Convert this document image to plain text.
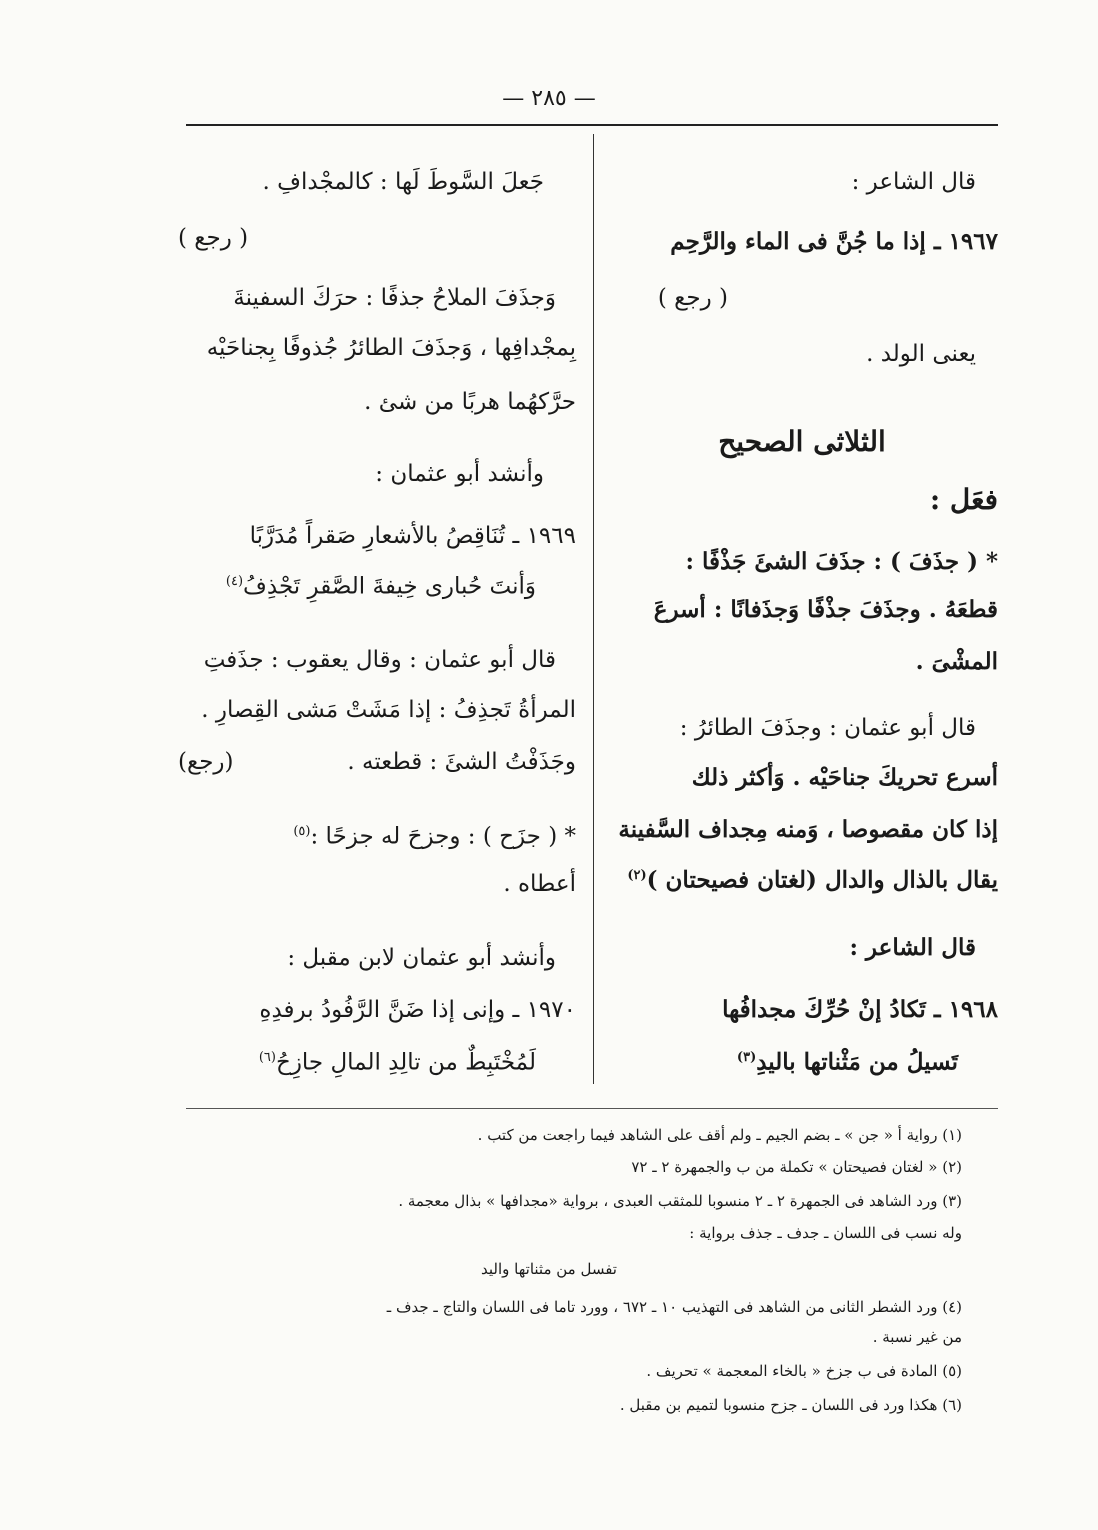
— ٢٨٥ —
قال الشاعر :
١٩٦٧ ـ إذا ما جُنَّ فى الماء والرَّحِم
( رجع )
يعنى الولد .
الثلاثى الصحيح
فعَل :
* ( جذَفَ ) : جذَفَ الشئَ جَذْفًا :
قطعَهُ . وجذَفَ جذْفًا وَجذَفانًا : أسرعَ
المشْىَ .
قال أبو عثمان : وجذَفَ الطائرُ :
أسرع تحريكَ جناحَيْه . وَأكثر ذلك
إذا كان مقصوصا ، وَمنه مِجداف السَّفينة
يقال بالذال والدال (لغتان فصيحتان )$^{(٢)}$
قال الشاعر :
١٩٦٨ ـ تَكادُ إنْ حُرِّكَ مجدافُها
تَسيلُ من مَثْناتها باليدِ$^{(٣)}$
جَعلَ السَّوطَ لَها : كالمجْدافِ .
( رجع )
وَجذَفَ الملاحُ جذفًا : حرَكَ السفينةَ
بِمجْدافِها ، وَجذَفَ الطائرُ جُذوفًا بِجناحَيْه
حرَّكهُما هربًا من شئ .
وأنشد أبو عثمان :
١٩٦٩ ـ تُنَاقِصُ بالأشعارِ صَقراً مُدَرَّبًا
وَأنتَ حُبارى خِيفةَ الصَّقرِ تَجْذِفُ$^{(٤)}$
قال أبو عثمان : وقال يعقوب : جذَفتِ
المرأةُ تَجذِفُ : إذا مَشَتْ مَشى القِصارِ .
وجَذَفْتُ الشئَ : قطعته .
(رجع)
* ( جزَح ) : وجزحَ له جزحًا :$^{(٥)}$
أعطاه .
وأنشد أبو عثمان لابن مقبل :
١٩٧٠ ـ وإنى إذا ضَنَّ الرَّفُودُ برفدِهِ
لَمُخْتَبِطٌ من تالِدِ المالِ جازِحُ$^{(٦)}$
(١) رواية أ « جن » ـ بضم الجيم ـ ولم أقف على الشاهد فيما راجعت من كتب .
(٢) « لغتان فصيحتان » تكملة من ب والجمهرة ٢ ـ ٧٢
(٣) ورد الشاهد فى الجمهرة ٢ ـ ٢ منسوبا للمثقب العبدى ، برواية «مجدافها » بذال معجمة .
وله نسب فى اللسان ـ جدف ـ جذف برواية :
تفسل من مثناتها واليد
(٤) ورد الشطر الثانى من الشاهد فى التهذيب ١٠ ـ ٦٧٢ ، وورد تاما فى اللسان والتاج ـ جدف ـ
من غير نسبة .
(٥) المادة فى ب جزخ « بالخاء المعجمة » تحريف .
(٦) هكذا ورد فى اللسان ـ جزح منسوبا لتميم بن مقبل .
